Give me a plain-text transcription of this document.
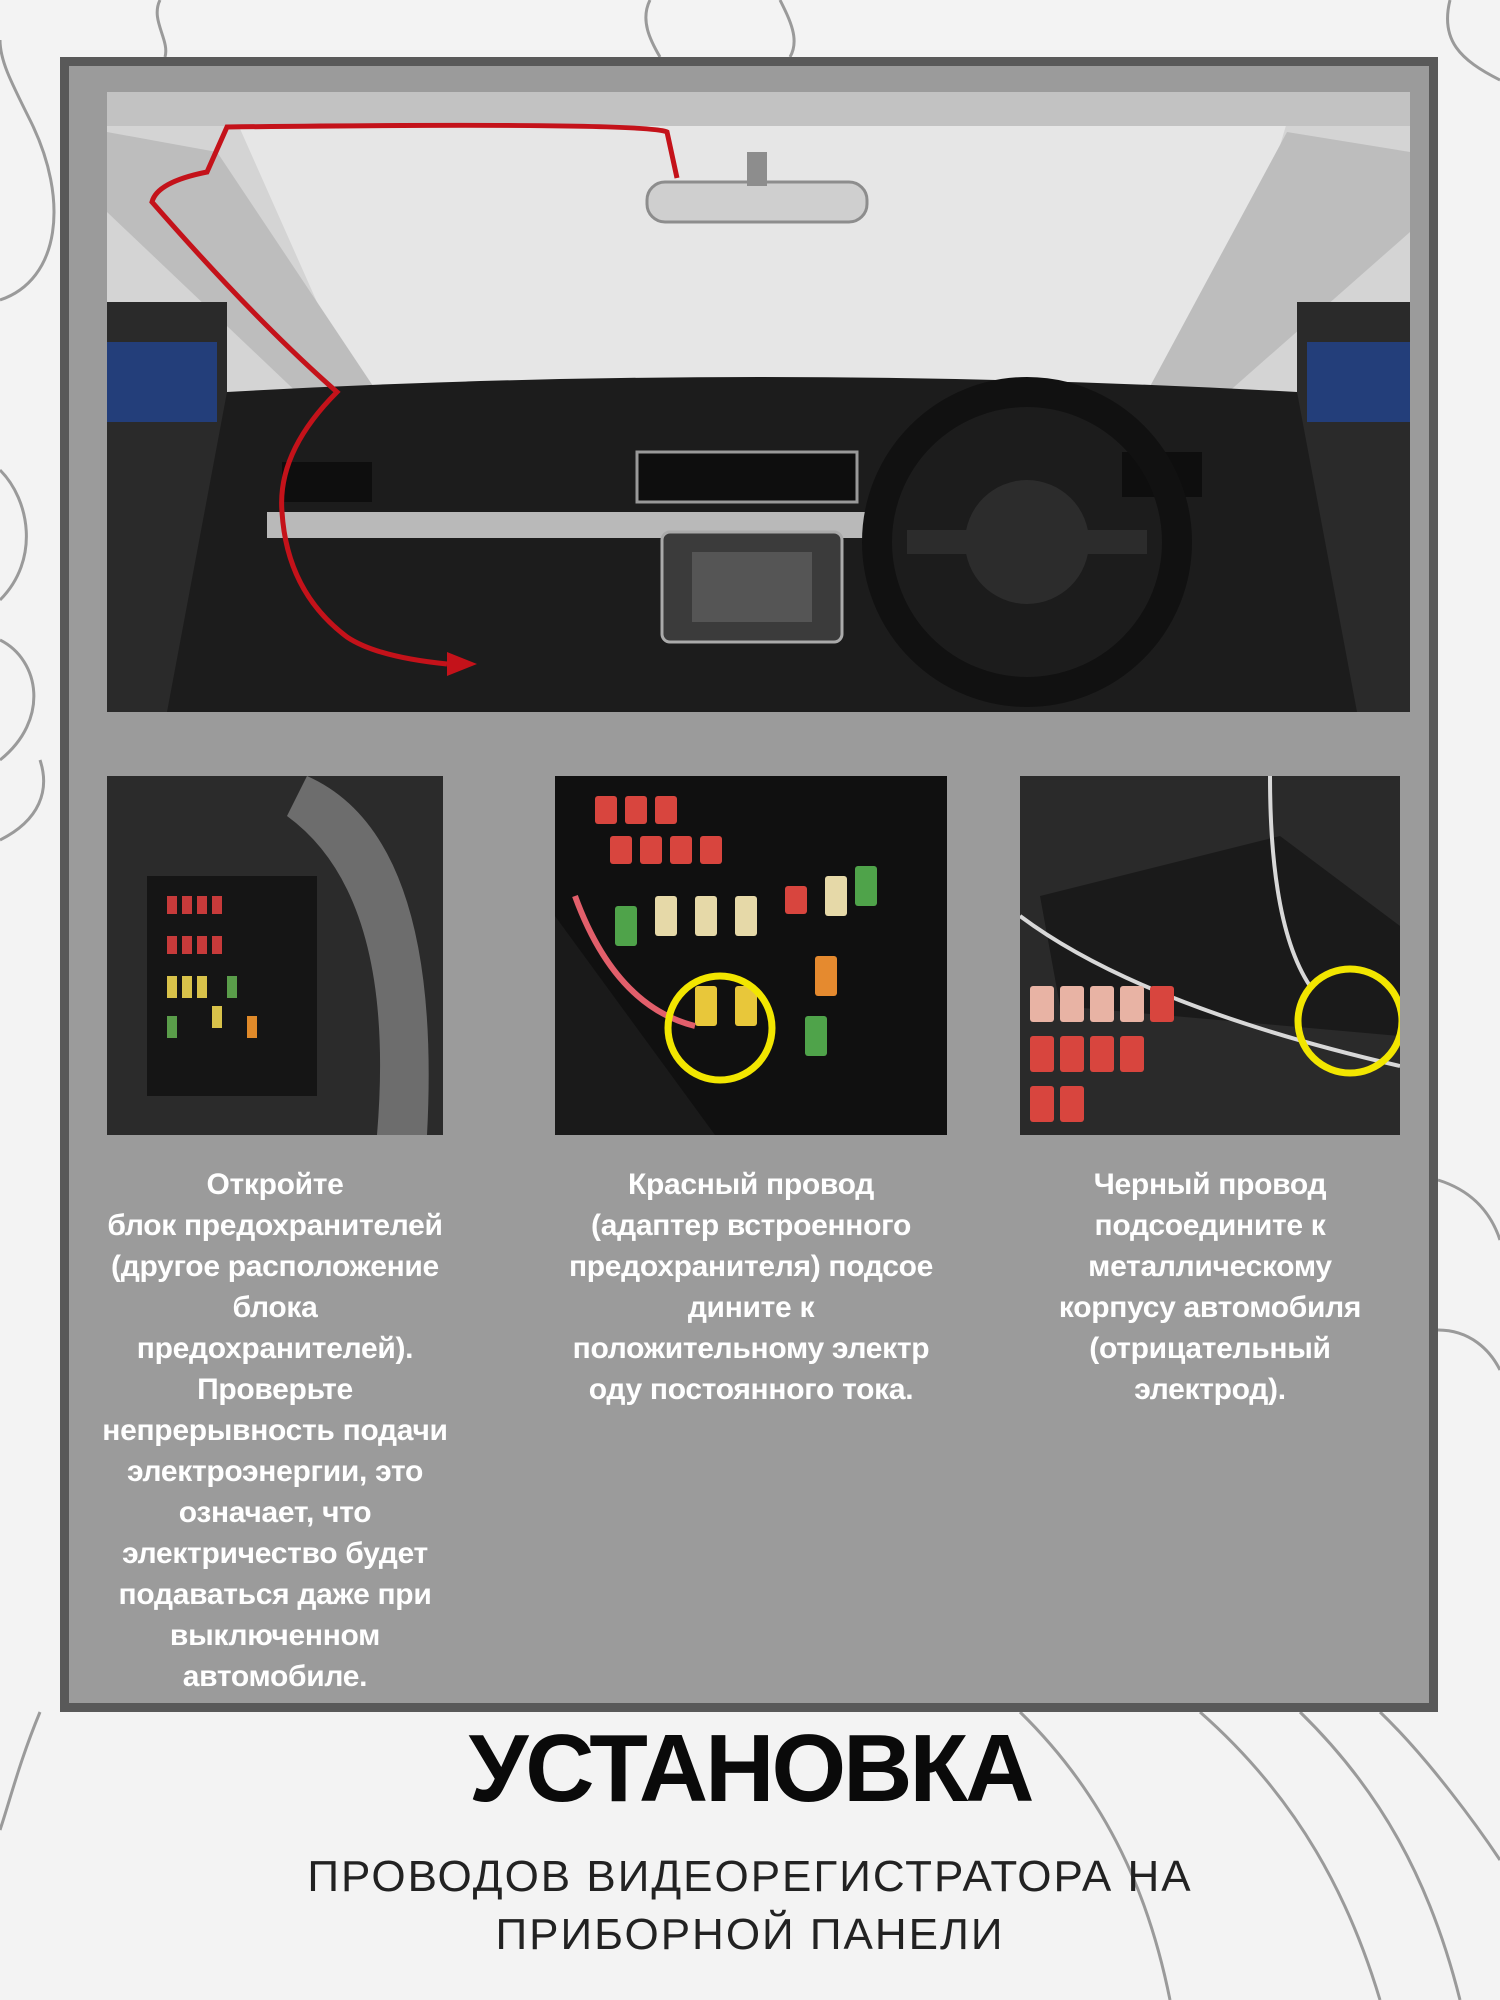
Откройте
блок предохранителей
(другое расположение
блока
предохранителей).
Проверьте
непрерывность подачи
электроэнергии, это
означает, что
электричество будет
подаваться даже при
выключенном
автомобиле.
Красный провод
(адаптер встроенного
предохранителя) подсое
дините к
положительному электр
оду постоянного тока.
Черный провод
подсоедините к
металлическому
корпусу автомобиля
(отрицательный
электрод).
УСТАНОВКА
ПРОВОДОВ ВИДЕОРЕГИСТРАТОРА НА
ПРИБОРНОЙ ПАНЕЛИ
